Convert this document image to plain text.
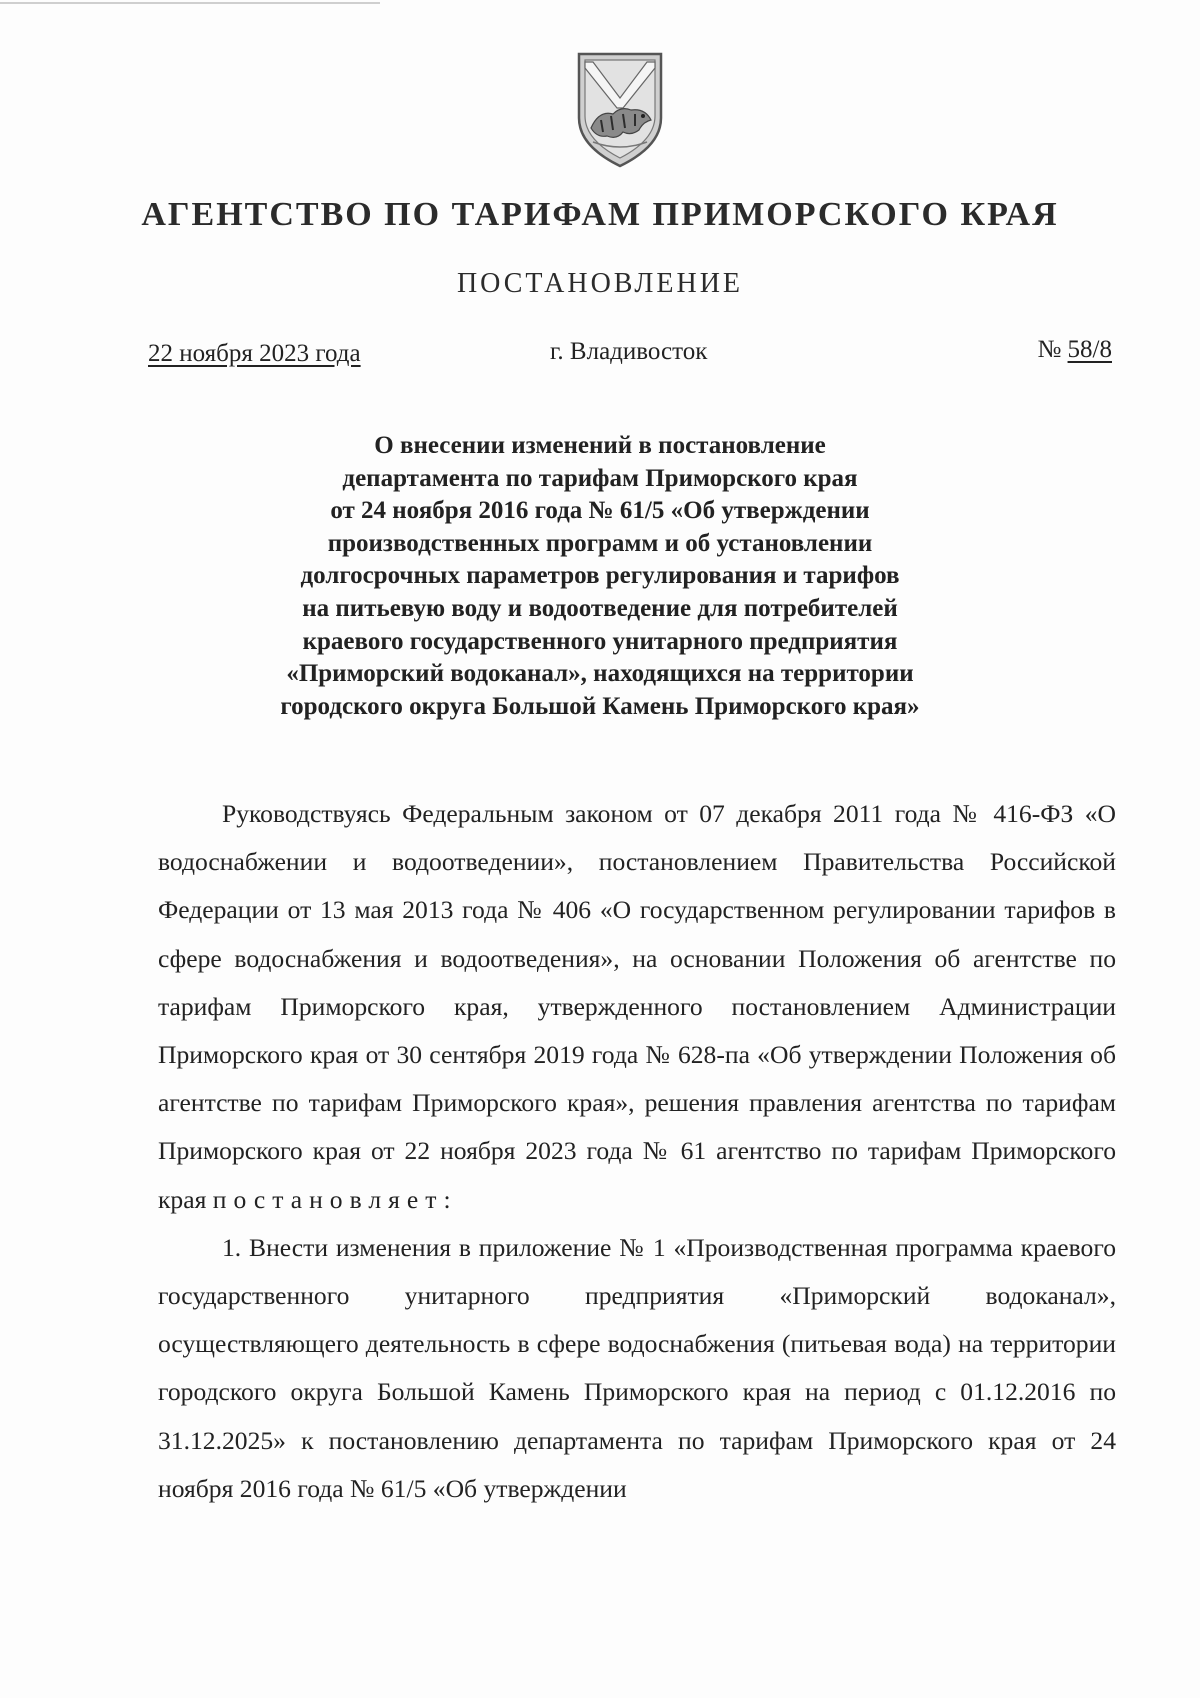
АГЕНТСТВО ПО ТАРИФАМ ПРИМОРСКОГО КРАЯ
ПОСТАНОВЛЕНИЕ
22 ноября 2023 года	г. Владивосток	№ 58/8
О внесении изменений в постановление
департамента по тарифам Приморского края
от 24 ноября 2016 года № 61/5 «Об утверждении
производственных программ и об установлении
долгосрочных параметров регулирования и тарифов
на питьевую воду и водоотведение для потребителей
краевого государственного унитарного предприятия
«Приморский водоканал», находящихся на территории
городского округа Большой Камень Приморского края»

Руководствуясь Федеральным законом от 07 декабря 2011 года № 416-ФЗ «О водоснабжении и водоотведении», постановлением Правительства Российской Федерации от 13 мая 2013 года № 406 «О государственном регулировании тарифов в сфере водоснабжения и водоотведения», на основании Положения об агентстве по тарифам Приморского края, утвержденного постановлением Администрации Приморского края от 30 сентября 2019 года № 628-па «Об утверждении Положения об агентстве по тарифам Приморского края», решения правления агентства по тарифам Приморского края от 22 ноября 2023 года № 61 агентство по тарифам Приморского края постановляет:

1. Внести изменения в приложение № 1 «Производственная программа краевого государственного унитарного предприятия «Приморский водоканал», осуществляющего деятельность в сфере водоснабжения (питьевая вода) на территории городского округа Большой Камень Приморского края на период с 01.12.2016 по 31.12.2025» к постановлению департамента по тарифам Приморского края от 24 ноября 2016 года № 61/5 «Об утверждении
